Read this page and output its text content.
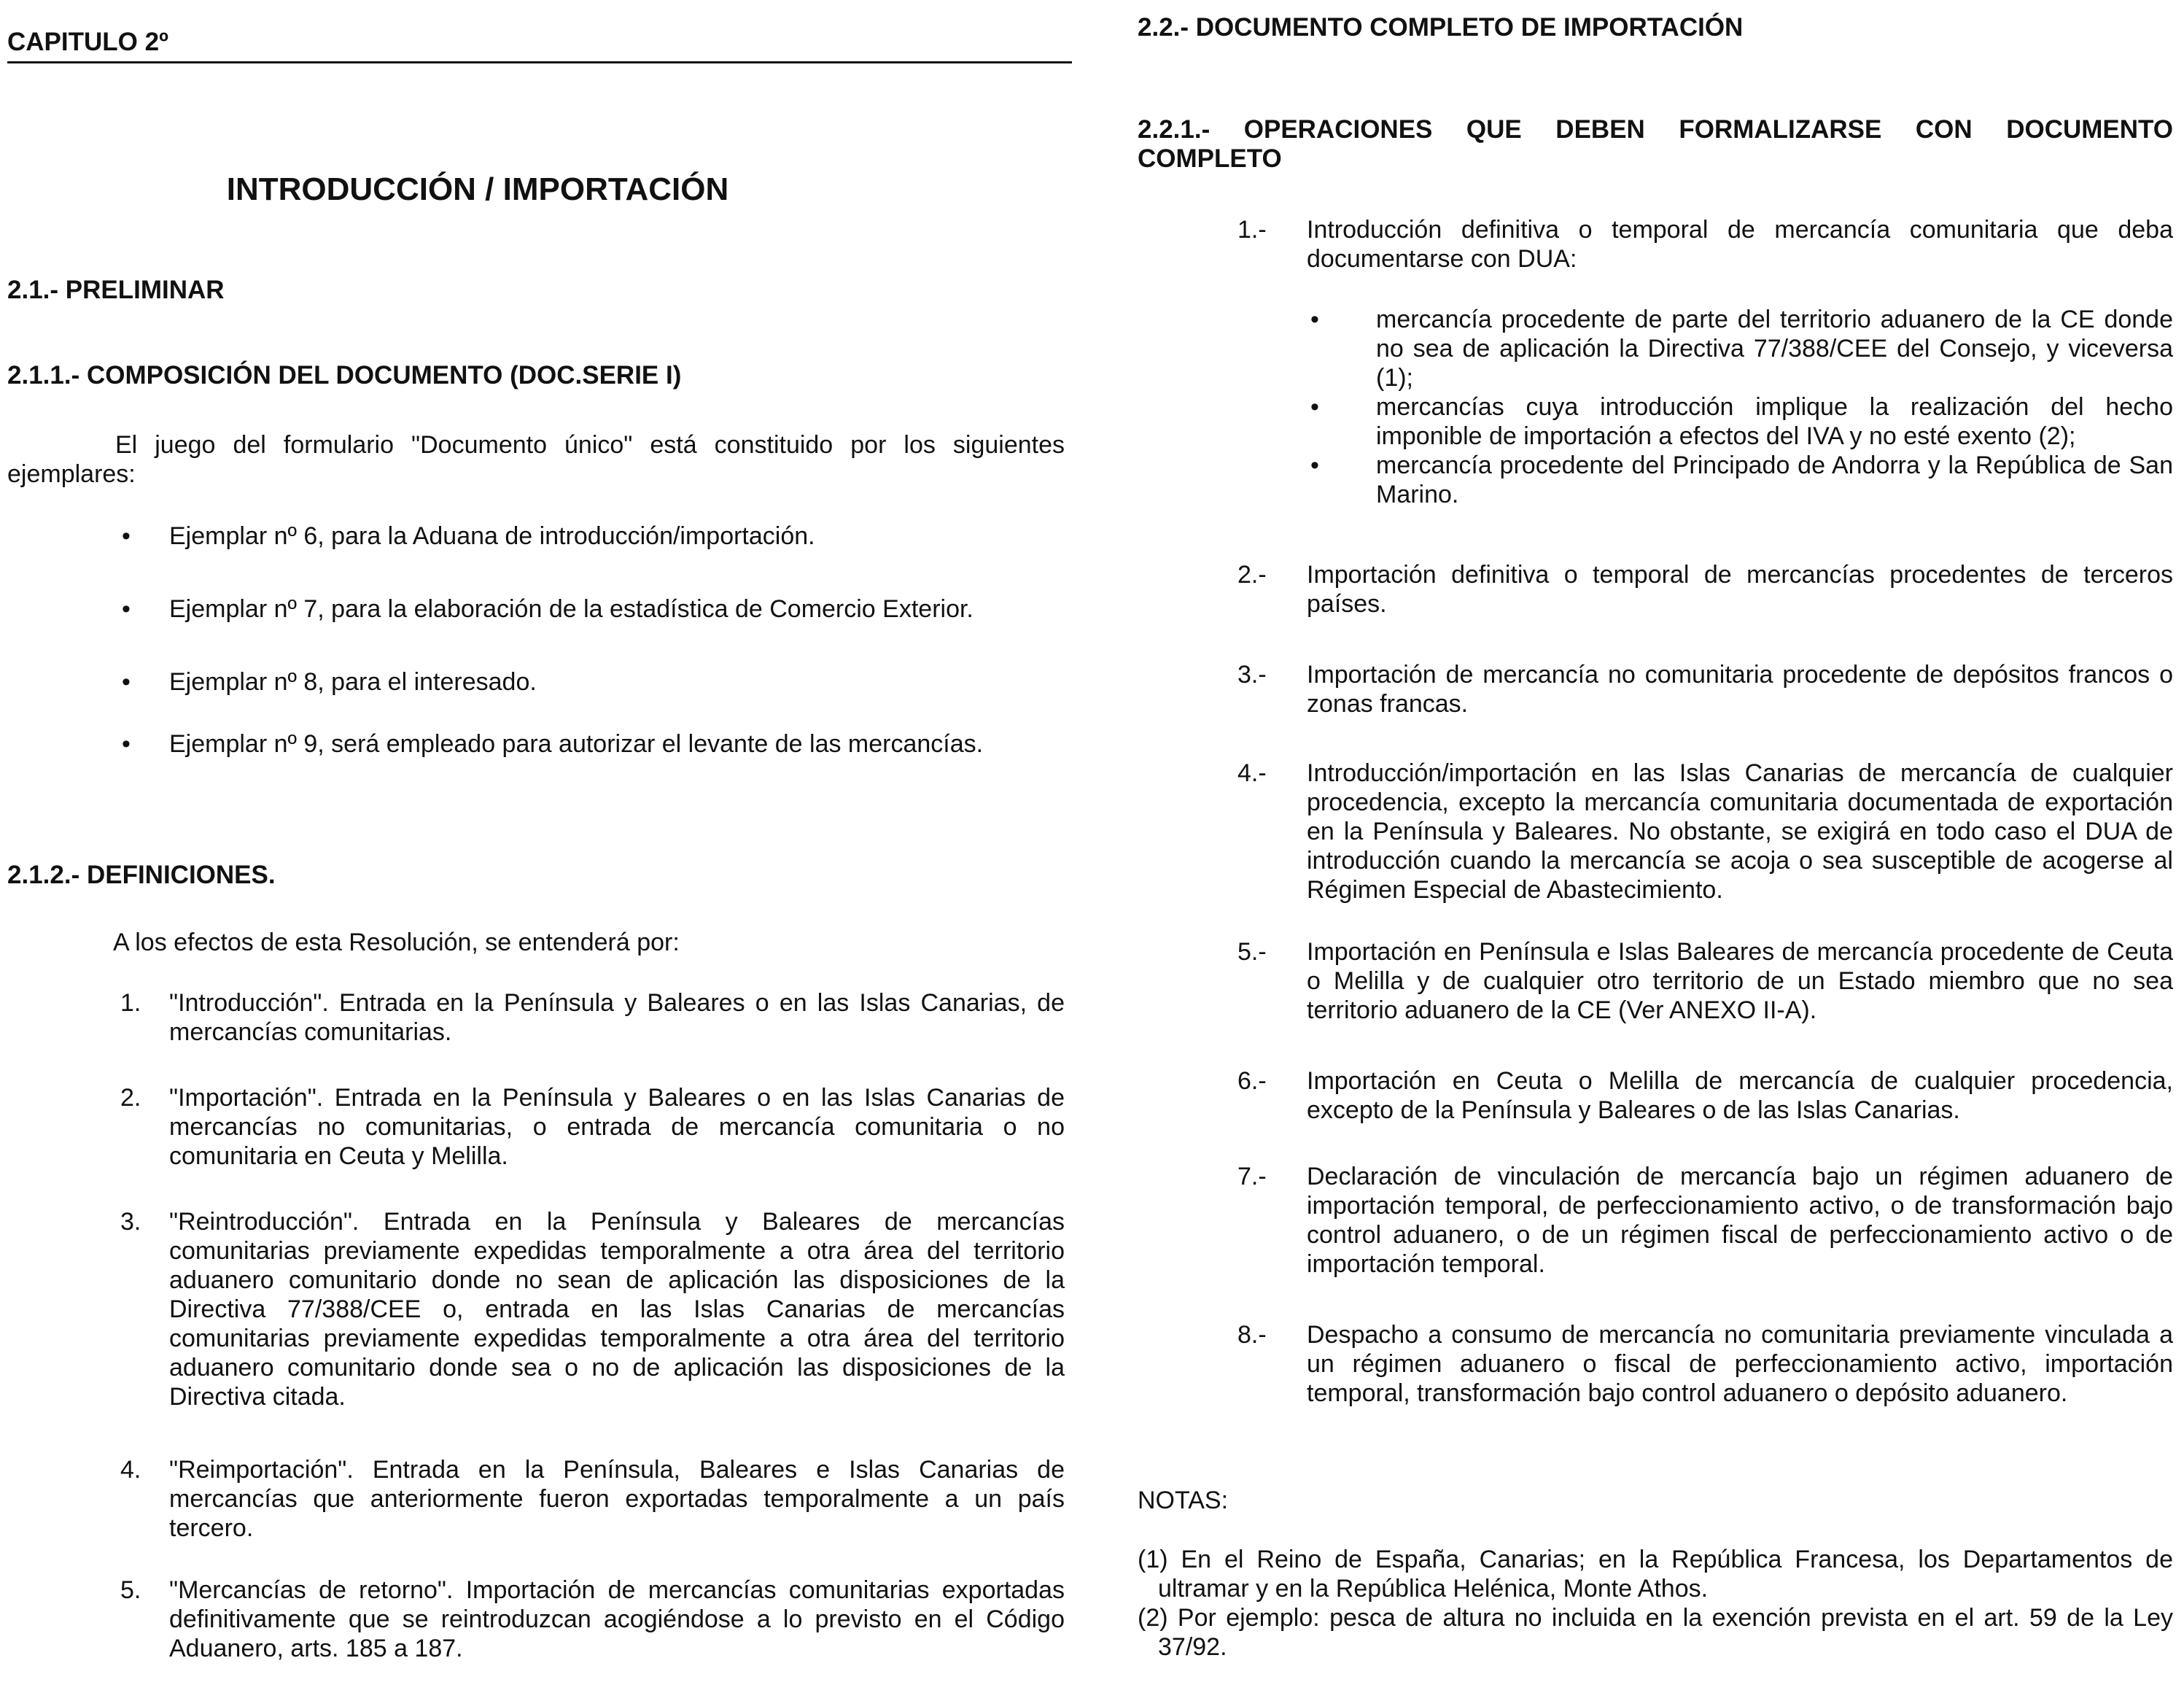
CAPITULO 2º
INTRODUCCIÓN / IMPORTACIÓN
2.1.- PRELIMINAR
2.1.1.- COMPOSICIÓN DEL DOCUMENTO (DOC.SERIE I)
El juego del formulario "Documento único" está constituido por los siguientes ejemplares:
• Ejemplar nº 6, para la Aduana de introducción/importación.
• Ejemplar nº 7, para la elaboración de la estadística de Comercio Exterior.
• Ejemplar nº 8, para el interesado.
• Ejemplar nº 9, será empleado para autorizar el levante de las mercancías.
2.1.2.- DEFINICIONES.
A los efectos de esta Resolución, se entenderá por:
1. "Introducción". Entrada en la Península y Baleares o en las Islas Canarias, de mercancías comunitarias.
2. "Importación". Entrada en la Península y Baleares o en las Islas Canarias de mercancías no comunitarias, o entrada de mercancía comunitaria o no comunitaria en Ceuta y Melilla.
3. "Reintroducción". Entrada en la Península y Baleares de mercancías comunitarias previamente expedidas temporalmente a otra área del territorio aduanero comunitario donde no sean de aplicación las disposiciones de la Directiva 77/388/CEE o, entrada en las Islas Canarias de mercancías comunitarias previamente expedidas temporalmente a otra área del territorio aduanero comunitario donde sea o no de aplicación las disposiciones de la Directiva citada.
4. "Reimportación". Entrada en la Península, Baleares e Islas Canarias de mercancías que anteriormente fueron exportadas temporalmente a un país tercero.
5. "Mercancías de retorno". Importación de mercancías comunitarias exportadas definitivamente que se reintroduzcan acogiéndose a lo previsto en el Código Aduanero, arts. 185 a 187.
2.2.- DOCUMENTO COMPLETO DE IMPORTACIÓN
2.2.1.- OPERACIONES QUE DEBEN FORMALIZARSE CON DOCUMENTO COMPLETO
1.- Introducción definitiva o temporal de mercancía comunitaria que deba documentarse con DUA:
• mercancía procedente de parte del territorio aduanero de la CE donde no sea de aplicación la Directiva 77/388/CEE del Consejo, y viceversa (1);
• mercancías cuya introducción implique la realización del hecho imponible de importación a efectos del IVA y no esté exento (2);
• mercancía procedente del Principado de Andorra y la República de San Marino.
2.- Importación definitiva o temporal de mercancías procedentes de terceros países.
3.- Importación de mercancía no comunitaria procedente de depósitos francos o zonas francas.
4.- Introducción/importación en las Islas Canarias de mercancía de cualquier procedencia, excepto la mercancía comunitaria documentada de exportación en la Península y Baleares. No obstante, se exigirá en todo caso el DUA de introducción cuando la mercancía se acoja o sea susceptible de acogerse al Régimen Especial de Abastecimiento.
5.- Importación en Península e Islas Baleares de mercancía procedente de Ceuta o Melilla y de cualquier otro territorio de un Estado miembro que no sea territorio aduanero de la CE (Ver ANEXO II-A).
6.- Importación en Ceuta o Melilla de mercancía de cualquier procedencia, excepto de la Península y Baleares o de las Islas Canarias.
7.- Declaración de vinculación de mercancía bajo un régimen aduanero de importación temporal, de perfeccionamiento activo, o de transformación bajo control aduanero, o de un régimen fiscal de perfeccionamiento activo o de importación temporal.
8.- Despacho a consumo de mercancía no comunitaria previamente vinculada a un régimen aduanero o fiscal de perfeccionamiento activo, importación temporal, transformación bajo control aduanero o depósito aduanero.
NOTAS:
(1) En el Reino de España, Canarias; en la República Francesa, los Departamentos de ultramar y en la República Helénica, Monte Athos.
(2) Por ejemplo: pesca de altura no incluida en la exención prevista en el art. 59 de la Ley 37/92.
